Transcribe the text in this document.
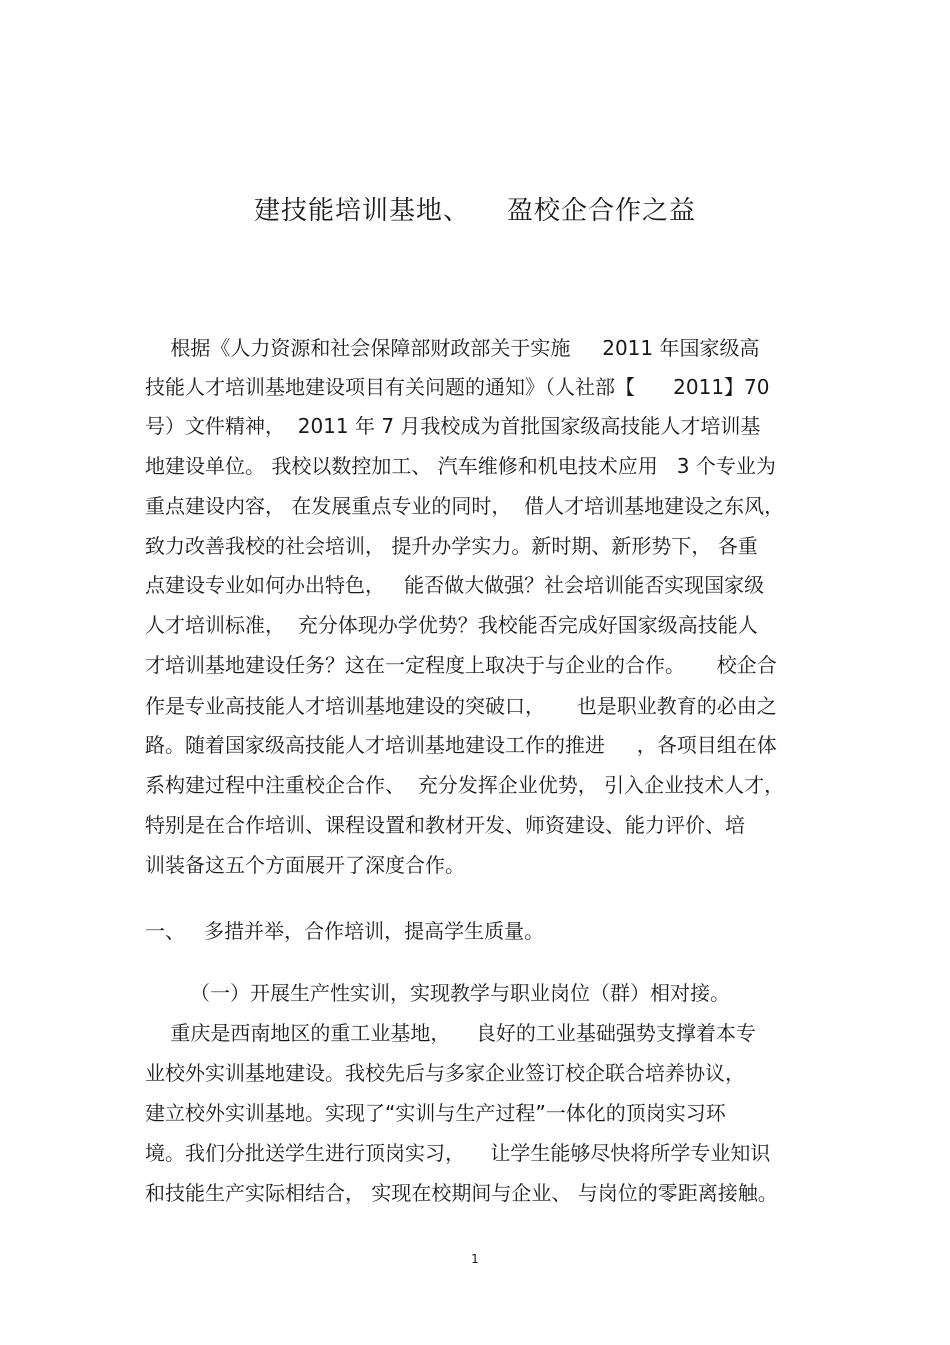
建技能培训基地、    盈校企合作之益
根据《人力资源和社会保障部财政部关于实施     2011 年国家级高
技能人才培训基地建设项目有关问题的通知》（人社部【      2011】70
号）文件精神，  2011 年 7 月我校成为首批国家级高技能人才培训基
地建设单位。 我校以数控加工、 汽车维修和机电技术应用   3 个专业为
重点建设内容， 在发展重点专业的同时，  借人才培训基地建设之东风，
致力改善我校的社会培训， 提升办学实力。新时期、新形势下， 各重
点建设专业如何办出特色，   能否做大做强？社会培训能否实现国家级
人才培训标准，  充分体现办学优势？我校能否完成好国家级高技能人
才培训基地建设任务？这在一定程度上取决于与企业的合作。     校企合
作是专业高技能人才培训基地建设的突破口，     也是职业教育的必由之
路。随着国家级高技能人才培训基地建设工作的推进     ，各项目组在体
系构建过程中注重校企合作、  充分发挥企业优势， 引入企业技术人才，
特别是在合作培训、课程设置和教材开发、师资建设、能力评价、培
训装备这五个方面展开了深度合作。
一、   多措并举，合作培训，提高学生质量。
（一）开展生产性实训，实现教学与职业岗位（群）相对接。
重庆是西南地区的重工业基地，    良好的工业基础强势支撑着本专
业校外实训基地建设。我校先后与多家企业签订校企联合培养协议，
建立校外实训基地。实现了“实训与生产过程”一体化的顶岗实习环
境。我们分批送学生进行顶岗实习，    让学生能够尽快将所学专业知识
和技能生产实际相结合， 实现在校期间与企业、 与岗位的零距离接触。
1
